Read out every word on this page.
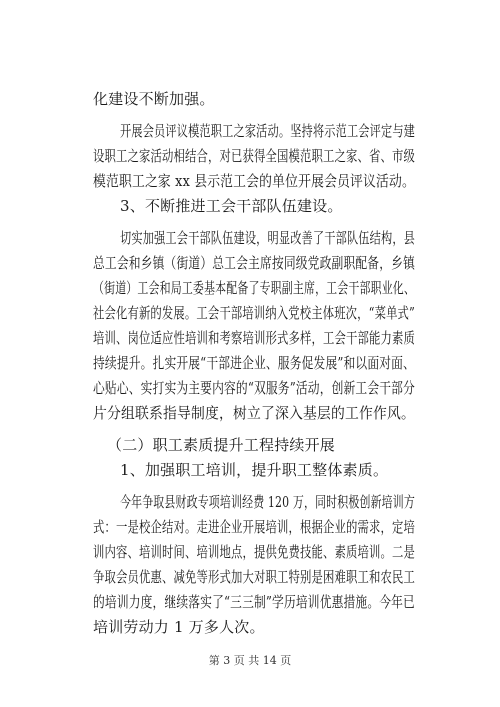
化建设不断加强。
开展会员评议模范职工之家活动。坚持将示范工会评定与建
设职工之家活动相结合，对已获得全国模范职工之家、省、市级
模范职工之家 xx 县示范工会的单位开展会员评议活动。
3、不断推进工会干部队伍建设。
切实加强工会干部队伍建设，明显改善了干部队伍结构，县
总工会和乡镇（街道）总工会主席按同级党政副职配备，乡镇
（街道）工会和局工委基本配备了专职副主席，工会干部职业化、
社会化有新的发展。工会干部培训纳入党校主体班次，“菜单式”
培训、岗位适应性培训和考察培训形式多样，工会干部能力素质
持续提升。扎实开展“干部进企业、服务促发展”和以面对面、
心贴心、实打实为主要内容的“双服务”活动，创新工会干部分
片分组联系指导制度，树立了深入基层的工作作风。
（二）职工素质提升工程持续开展
1、加强职工培训，提升职工整体素质。
今年争取县财政专项培训经费 120 万，同时积极创新培训方
式：一是校企结对。走进企业开展培训，根据企业的需求，定培
训内容、培训时间、培训地点，提供免费技能、素质培训。二是
争取会员优惠、减免等形式加大对职工特别是困难职工和农民工
的培训力度，继续落实了“三三制”学历培训优惠措施。今年已
培训劳动力 1 万多人次。
第 3 页 共 14 页
